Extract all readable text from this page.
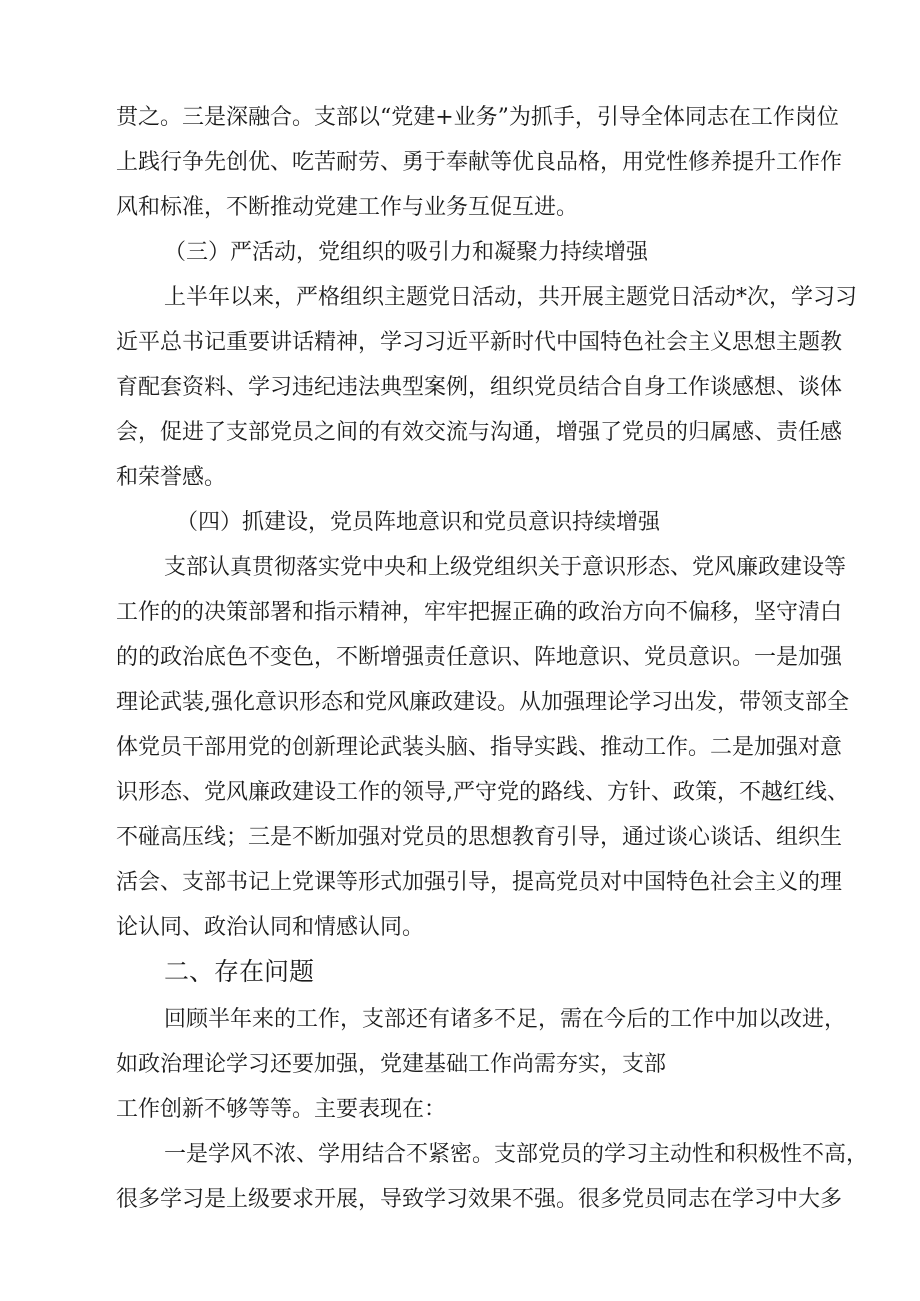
贯之。三是深融合。支部以“党建+业务”为抓手，引导全体同志在工作岗位
上践行争先创优、吃苦耐劳、勇于奉献等优良品格，用党性修养提升工作作
风和标准，不断推动党建工作与业务互促互进。
（三）严活动，党组织的吸引力和凝聚力持续增强
上半年以来，严格组织主题党日活动，共开展主题党日活动*次，学习习
近平总书记重要讲话精神，学习习近平新时代中国特色社会主义思想主题教
育配套资料、学习违纪违法典型案例，组织党员结合自身工作谈感想、谈体
会，促进了支部党员之间的有效交流与沟通，增强了党员的归属感、责任感
和荣誉感。
（四）抓建设，党员阵地意识和党员意识持续增强
支部认真贯彻落实党中央和上级党组织关于意识形态、党风廉政建设等
工作的的决策部署和指示精神，牢牢把握正确的政治方向不偏移，坚守清白
的的政治底色不变色，不断增强责任意识、阵地意识、党员意识。一是加强
理论武装,强化意识形态和党风廉政建设。从加强理论学习出发，带领支部全
体党员干部用党的创新理论武装头脑、指导实践、推动工作。二是加强对意
识形态、党风廉政建设工作的领导,严守党的路线、方针、政策，不越红线、
不碰高压线；三是不断加强对党员的思想教育引导，通过谈心谈话、组织生
活会、支部书记上党课等形式加强引导，提高党员对中国特色社会主义的理
论认同、政治认同和情感认同。
二、存在问题
回顾半年来的工作，支部还有诸多不足，需在今后的工作中加以改进，
如政治理论学习还要加强，党建基础工作尚需夯实，支部
工作创新不够等等。主要表现在：
一是学风不浓、学用结合不紧密。支部党员的学习主动性和积极性不高，
很多学习是上级要求开展，导致学习效果不强。很多党员同志在学习中大多
